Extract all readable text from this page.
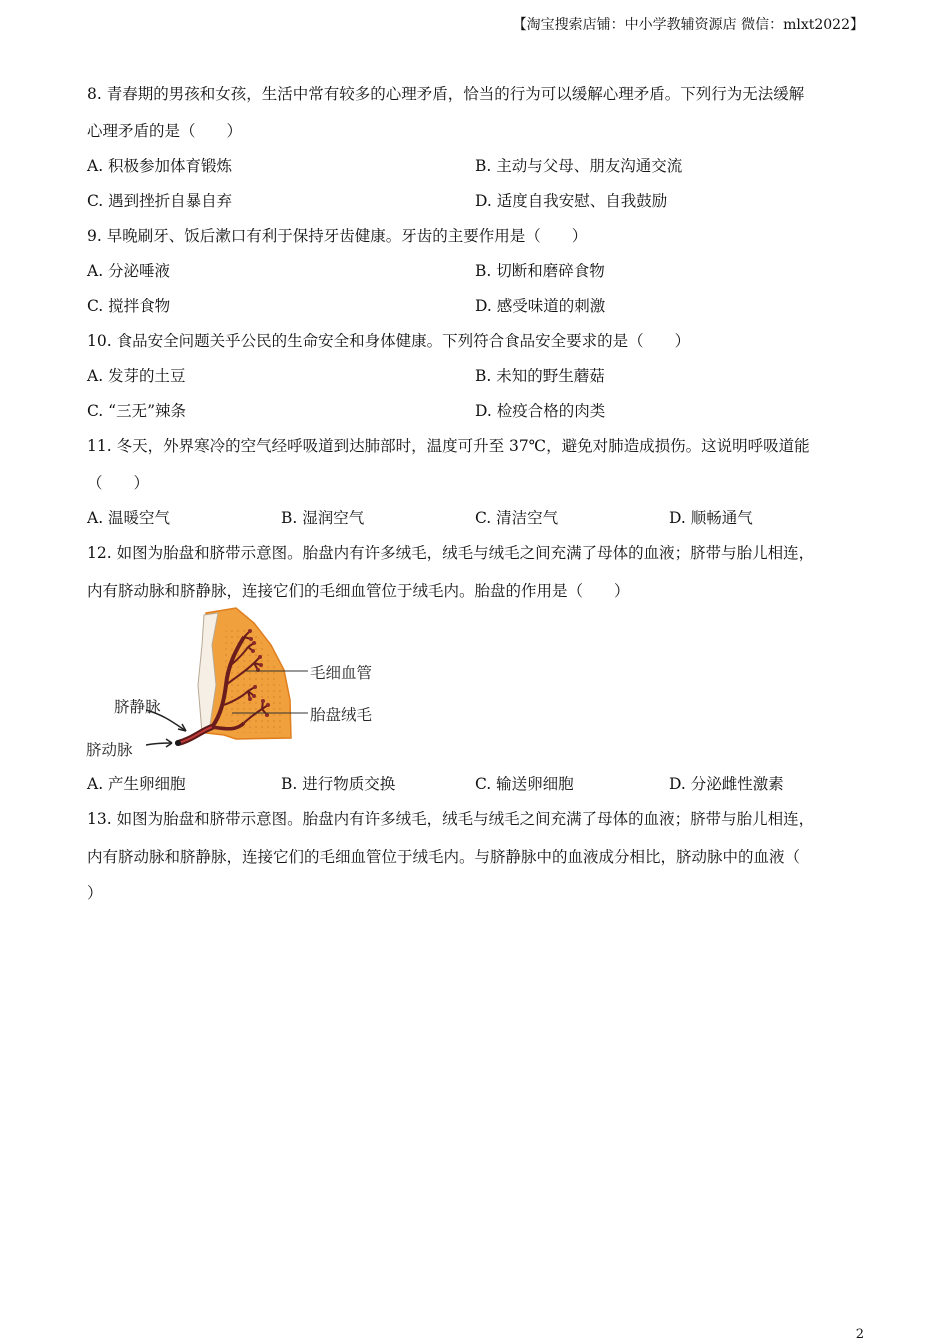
【淘宝搜索店铺：中小学教辅资源店 微信：mlxt2022】
8. 青春期的男孩和女孩，生活中常有较多的心理矛盾，恰当的行为可以缓解心理矛盾。下列行为无法缓解
心理矛盾的是（　　）
A. 积极参加体育锻炼	B. 主动与父母、朋友沟通交流
C. 遇到挫折自暴自弃	D. 适度自我安慰、自我鼓励
9. 早晚刷牙、饭后漱口有利于保持牙齿健康。牙齿的主要作用是（　　）
A. 分泌唾液	B. 切断和磨碎食物
C. 搅拌食物	D. 感受味道的刺激
10. 食品安全问题关乎公民的生命安全和身体健康。下列符合食品安全要求的是（　　）
A. 发芽的土豆	B. 未知的野生蘑菇
C. “三无”辣条	D. 检疫合格的肉类
11. 冬天，外界寒冷的空气经呼吸道到达肺部时，温度可升至 37℃，避免对肺造成损伤。这说明呼吸道能
（　　）
A. 温暖空气	B. 湿润空气	C. 清洁空气	D. 顺畅通气
12. 如图为胎盘和脐带示意图。胎盘内有许多绒毛，绒毛与绒毛之间充满了母体的血液；脐带与胎儿相连，
内有脐动脉和脐静脉，连接它们的毛细血管位于绒毛内。胎盘的作用是（　　）
毛细血管
胎盘绒毛
脐静脉
脐动脉
A. 产生卵细胞	B. 进行物质交换	C. 输送卵细胞	D. 分泌雌性激素
13. 如图为胎盘和脐带示意图。胎盘内有许多绒毛，绒毛与绒毛之间充满了母体的血液；脐带与胎儿相连，
内有脐动脉和脐静脉，连接它们的毛细血管位于绒毛内。与脐静脉中的血液成分相比，脐动脉中的血液（
）
2
